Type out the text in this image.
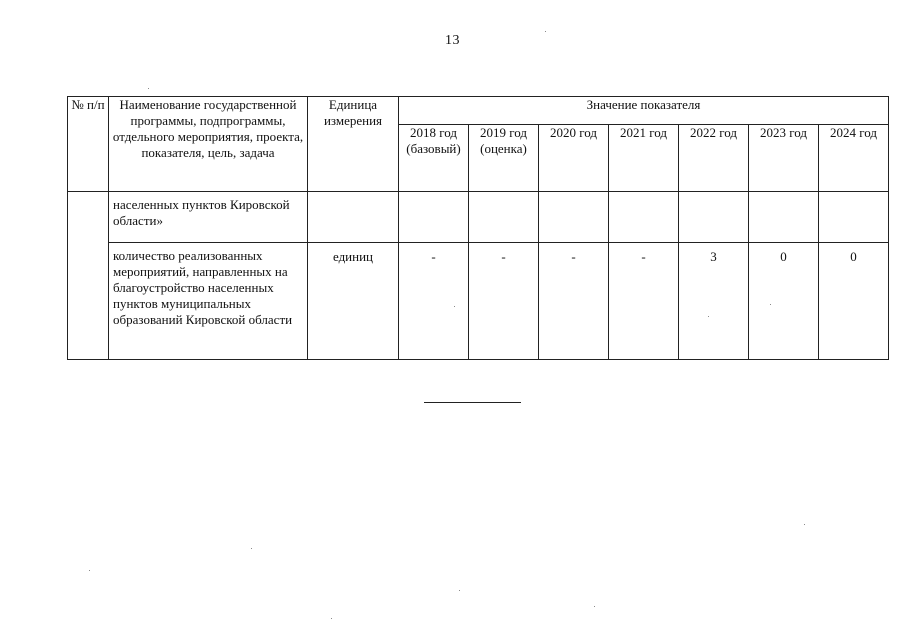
13
№ п/п	Наименование государственной программы, подпрограммы, отдельного мероприятия, проекта, показателя, цель, задача	Единица измерения	Значение показателя						
			2018 год (базовый)	2019 год (оценка)	2020 год	2021 год	2022 год	2023 год	2024 год
	населенных пунктов Кировской области»								
	количество реализованных мероприятий, направленных на благоустройство населенных пунктов муниципальных образований Кировской области	единиц	-	-	-	-	3	0	0
